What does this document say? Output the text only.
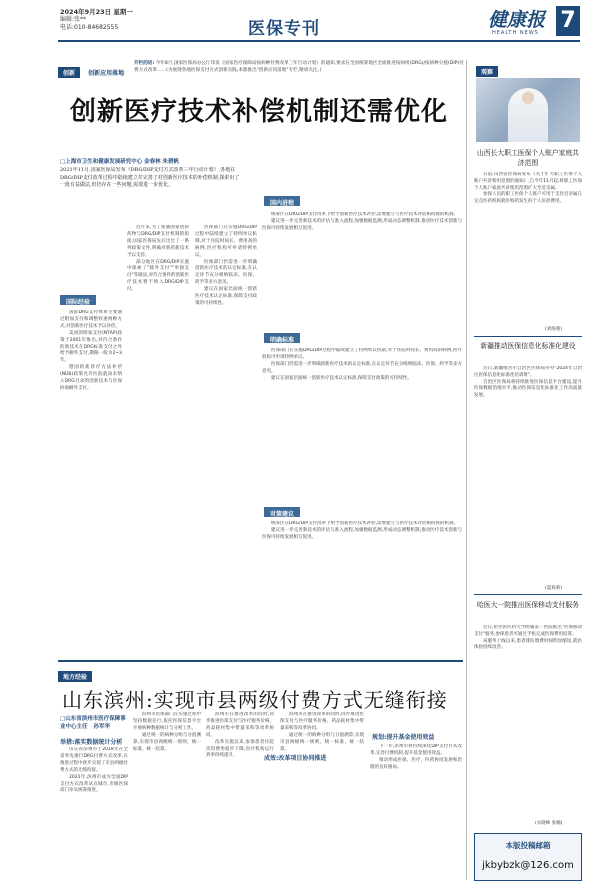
2024年9月23日 星期一
编辑:张**
电话:010-84682555	医保专刊	健康报
HEALTH NEWS 7
创新 创新应用落地
开栏的话: 今年8月,国家医保局办公厅印发《国家医疗保障局按病种付费改革三年行动计划》的通知,要求在全国统筹地区全面推进按病组(DRG)/按病种分值(DIP)付费方式改革……(为展现各地医保支付方式创新实践,本版推出"创新应用落地"专栏,敬请关注。)
创新医疗技术补偿机制还需优化
□上海市卫生和健康发展研究中心 金春林 朱碧帆
2021年11月,国家医保局发布《DRG/DIP支付方式改革三年行动计划》,各地在DRG/DIP支付改革过程中陆续建立并完善了对创新医疗技术的补偿机制,探索出了一批有益做法,但仍存在一些问题,需要进一步优化。
国际经验
国内进程
明确标准
对策建议
国际DRG支付体系主要通过附加支付和调整权重两种方式,对创新医疗技术予以补偿。
美国的附加支付(NTAP)政策于2001年推出,对符合条件的新技术在DRG标准支付之外给予额外支付,期限一般为2~3年。
德国的新诊疗方法补偿(NUB)政策允许医院就尚未纳入DRG目录的创新技术与医保协商额外支付。
近年来,为了加强国家创新药物与DRG/DIP支付机制的衔接,国家医保局先后出台了一系列政策文件,明确对新药新技术予以支持。
部分地区在DRG/DIP实施中探索了"除外支付""单独支付"等做法,对符合条件的创新医疗技术暂不纳入DRG/DIP支付。
医保部门在实施DRG/DIP过程中陆续建立了特例单议机制,对于住院时间长、费用高的病例,医疗机构可申请特例单议。
医保部门仍需进一步明确创新医疗技术的认定标准,在认定环节充分吸纳临床、医保、药学等多方意见。
建议在国家层面统一创新医疗技术认定标准,保障支付政策的可持续性。
统筹区在DRG/DIP支付改革下给予创新医疗技术补偿,需要建立与医疗技术评估相衔接的机制。
建议进一步完善新技术的评估与准入流程,加强数据监测,形成动态调整机制,推动医疗技术创新与医保可持续发展相互促进。
医保部门在实施DRG/DIP过程中陆续建立了特例单议机制,对于住院时间长、费用高的病例,医疗机构可申请特例单议。
医保部门仍需进一步明确创新医疗技术的认定标准,在认定环节充分吸纳临床、医保、药学等多方意见。
建议在国家层面统一创新医疗技术认定标准,保障支付政策的可持续性。
统筹区在DRG/DIP支付改革下给予创新医疗技术补偿,需要建立与医疗技术评估相衔接的机制。
建议进一步完善新技术的评估与准入流程,加强数据监测,形成动态调整机制,推动医疗技术创新与医保可持续发展相互促进。
地方经验
山东滨州:实现市县两级付费方式无缝衔接
□山东省滨州市医疗保障事业中心主任 孙军华
举措:落实数据统计分析
成效:改革项目协同推进
规划:提升基金使用效益
山东省滨州市于2018年在全省率先推行DRG付费方式改革,在推进过程中逐步实现了市县两级付费方式的无缝衔接。
2021年,滨州市成为全国DIP支付方式改革试点城市,市级医保部门牵头统筹推进。
滨州市医保部门在实施过程中坚持数据先行,依托医保信息平台开展病种数据统计与分析工作。
通过统一的病种分组与分值测算,实现市县两级统一规则、统一标准、统一结算。
滨州市在推进改革的同时,同步推进医保支付与医疗服务价格、药品耗材集中带量采购等改革协同。
改革实施以来,参保患者住院次均费用稳步下降,医疗机构运行效率持续提升。
滨州市在推进改革的同时,同步推进医保支付与医疗服务价格、药品耗材集中带量采购等改革协同。
通过统一的病种分组与分值测算,实现市县两级统一规则、统一标准、统一结算。
下一步,滨州市将持续深化DIP支付方式改革,完善付费机制,提升基金使用效益。
推动形成医保、医疗、医药协同发展和治理的良好格局。
观察
山西长大职工医保个人账户家庭共济范围
日前,山西省医保局发布《关于扩大职工医保个人账户共济使用范围的通知》,自今年11月起,将职工医保个人账户家庭共济使用范围扩大至近亲属。
参保人员的职工医保个人账户可用于支付近亲属在定点医药机构就医购药发生的个人负担费用。
(刘海燕)
新疆推动医保信息化标准化建设
近日,新疆维吾尔自治区医保局举办"2024年自治区医保信息化标准化培训班"。
自治区医保局将持续推进医保信息平台建设,提升医保数据治理水平,推动医保信息化标准化工作高质量发展。
(夏莉莉)
哈医大一院推出医保移动支付服务
近日,哈尔滨医科大学附属第一医院推出"医保移动支付"服务,参保患者可通过手机完成医保费用结算。
该服务上线以来,患者排队缴费时间明显缩短,就医体验持续改善。
(衣晓峰 张楠)
本版投稿邮箱
jkbybzk@126.com
